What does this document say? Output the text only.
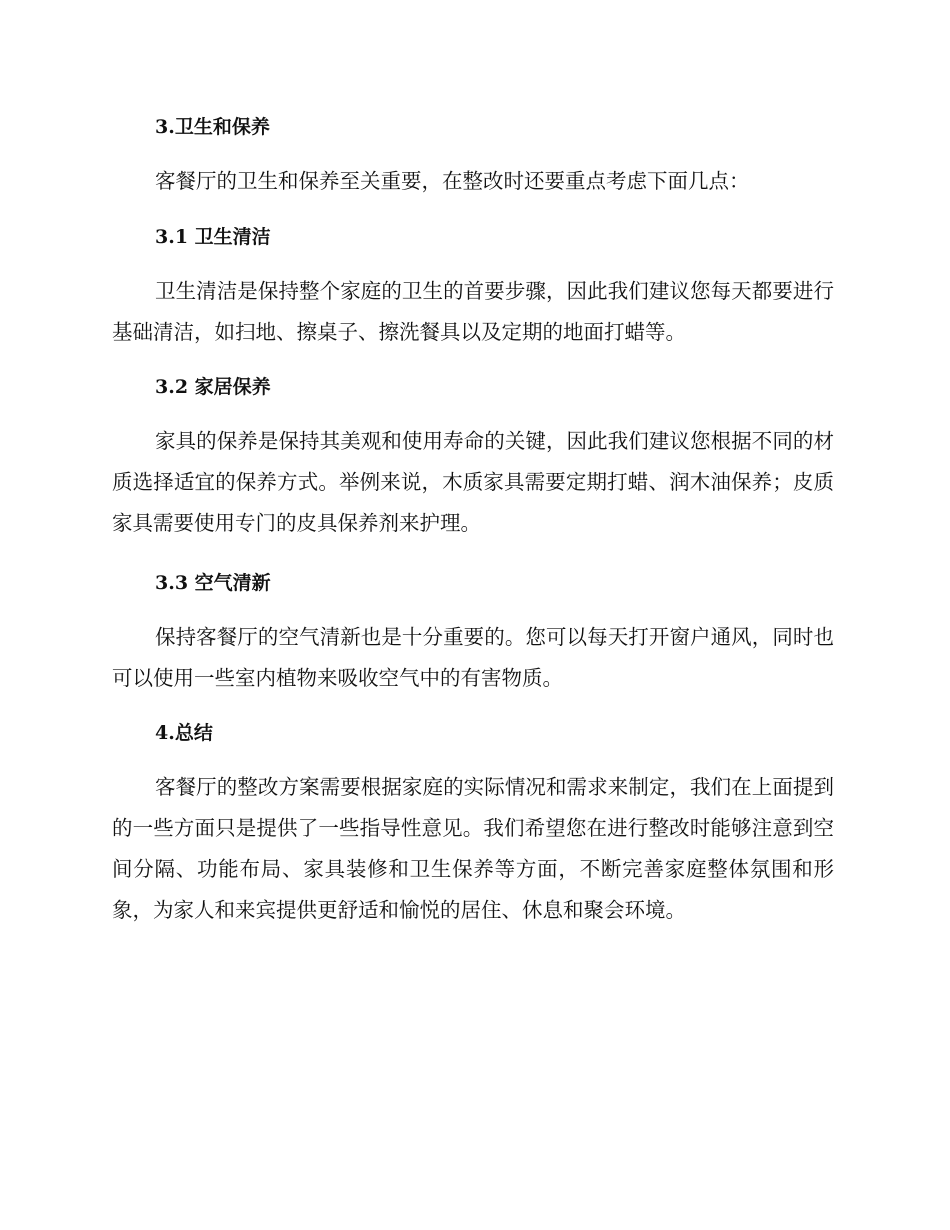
3.卫生和保养

客餐厅的卫生和保养至关重要，在整改时还要重点考虑下面几点：

3.1 卫生清洁

卫生清洁是保持整个家庭的卫生的首要步骤，因此我们建议您每天都要进行基础清洁，如扫地、擦桌子、擦洗餐具以及定期的地面打蜡等。

3.2 家居保养

家具的保养是保持其美观和使用寿命的关键，因此我们建议您根据不同的材质选择适宜的保养方式。举例来说，木质家具需要定期打蜡、润木油保养；皮质家具需要使用专门的皮具保养剂来护理。

3.3 空气清新

保持客餐厅的空气清新也是十分重要的。您可以每天打开窗户通风，同时也可以使用一些室内植物来吸收空气中的有害物质。

4.总结

客餐厅的整改方案需要根据家庭的实际情况和需求来制定，我们在上面提到的一些方面只是提供了一些指导性意见。我们希望您在进行整改时能够注意到空间分隔、功能布局、家具装修和卫生保养等方面，不断完善家庭整体氛围和形象，为家人和来宾提供更舒适和愉悦的居住、休息和聚会环境。
